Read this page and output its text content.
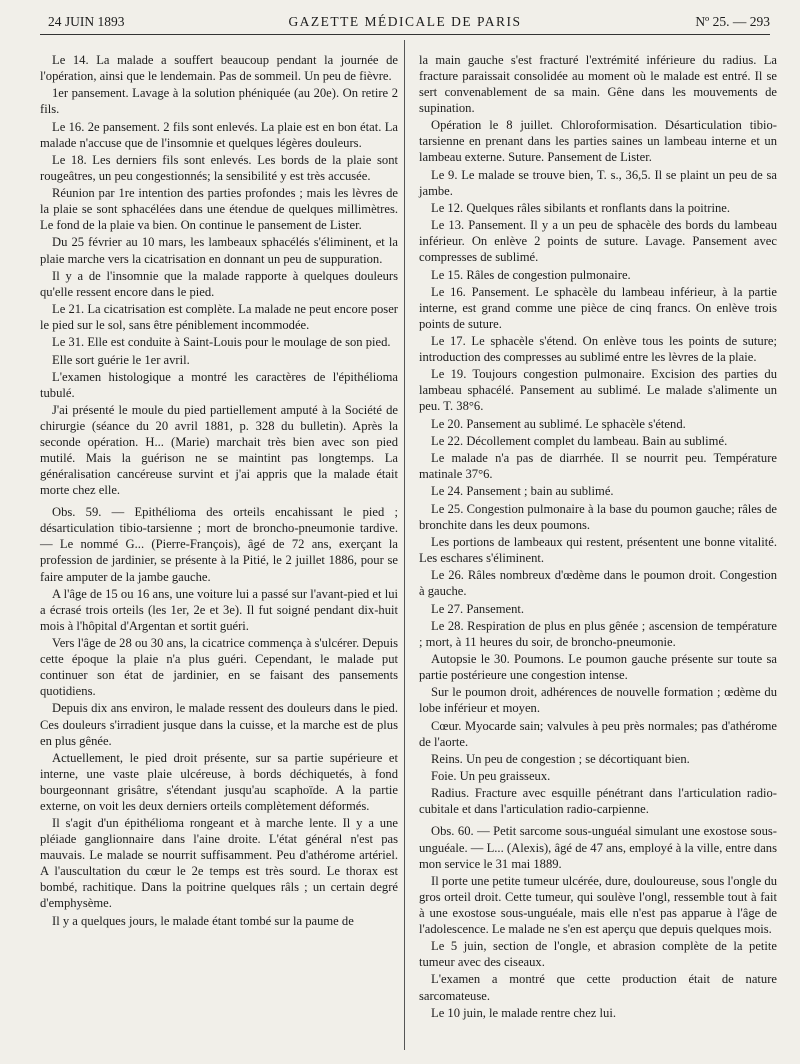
24 JUIN 1893	GAZETTE MÉDICALE DE PARIS	Nº 25. — 293

Le 14. La malade a souffert beaucoup pendant la journée de l'opération, ainsi que le lendemain. Pas de sommeil. Un peu de fièvre.

1er pansement. Lavage à la solution phéniquée (au 20e). On retire 2 fils.

Le 16. 2e pansement. 2 fils sont enlevés. La plaie est en bon état. La malade n'accuse que de l'insomnie et quelques légères douleurs.

Le 18. Les derniers fils sont enlevés. Les bords de la plaie sont rougeâtres, un peu congestionnés; la sensibilité y est très accusée.

Réunion par 1re intention des parties profondes ; mais les lèvres de la plaie se sont sphacélées dans une étendue de quelques millimètres. Le fond de la plaie va bien. On continue le pansement de Lister.

Du 25 février au 10 mars, les lambeaux sphacélés s'éliminent, et la plaie marche vers la cicatrisation en donnant un peu de suppuration.

Il y a de l'insomnie que la malade rapporte à quelques douleurs qu'elle ressent encore dans le pied.

Le 21. La cicatrisation est complète. La malade ne peut encore poser le pied sur le sol, sans être péniblement incommodée.

Le 31. Elle est conduite à Saint-Louis pour le moulage de son pied.

Elle sort guérie le 1er avril.

L'examen histologique a montré les caractères de l'épithélioma tubulé.

J'ai présenté le moule du pied partiellement amputé à la Société de chirurgie (séance du 20 avril 1881, p. 328 du bulletin). Après la seconde opération. H... (Marie) marchait très bien avec son pied mutilé. Mais la guérison ne se maintint pas longtemps. La généralisation cancéreuse survint et j'ai appris que la malade était morte chez elle.

Obs. 59. — Epithélioma des orteils encahissant le pied ; désarticulation tibio-tarsienne ; mort de broncho-pneumonie tardive. — Le nommé G... (Pierre-François), âgé de 72 ans, exerçant la profession de jardinier, se présente à la Pitié, le 2 juillet 1886, pour se faire amputer de la jambe gauche.

A l'âge de 15 ou 16 ans, une voiture lui a passé sur l'avant-pied et lui a écrasé trois orteils (les 1er, 2e et 3e). Il fut soigné pendant dix-huit mois à l'hôpital d'Argentan et sortit guéri.

Vers l'âge de 28 ou 30 ans, la cicatrice commença à s'ulcérer. Depuis cette époque la plaie n'a plus guéri. Cependant, le malade put continuer son état de jardinier, en se faisant des pansements quotidiens.

Depuis dix ans environ, le malade ressent des douleurs dans le pied. Ces douleurs s'irradient jusque dans la cuisse, et la marche est de plus en plus gênée.

Actuellement, le pied droit présente, sur sa partie supérieure et interne, une vaste plaie ulcéreuse, à bords déchiquetés, à fond bourgeonnant grisâtre, s'étendant jusqu'au scaphoïde. A la partie externe, on voit les deux derniers orteils complètement déformés.

Il s'agit d'un épithélioma rongeant et à marche lente. Il y a une pléiade ganglionnaire dans l'aine droite. L'état général n'est pas mauvais. Le malade se nourrit suffisamment. Peu d'athérome artériel. A l'auscultation du cœur le 2e temps est très sourd. Le thorax est bombé, rachitique. Dans la poitrine quelques râls ; un certain degré d'emphysème.

Il y a quelques jours, le malade étant tombé sur la paume de

la main gauche s'est fracturé l'extrémité inférieure du radius. La fracture paraissait consolidée au moment où le malade est entré. Il se sert convenablement de sa main. Gêne dans les mouvements de supination.

Opération le 8 juillet. Chloroformisation. Désarticulation tibio-tarsienne en prenant dans les parties saines un lambeau interne et un lambeau externe. Suture. Pansement de Lister.

Le 9. Le malade se trouve bien, T. s., 36,5. Il se plaint un peu de sa jambe.

Le 12. Quelques râles sibilants et ronflants dans la poitrine.

Le 13. Pansement. Il y a un peu de sphacèle des bords du lambeau inférieur. On enlève 2 points de suture. Lavage. Pansement avec compresses de sublimé.

Le 15. Râles de congestion pulmonaire.

Le 16. Pansement. Le sphacèle du lambeau inférieur, à la partie interne, est grand comme une pièce de cinq francs. On enlève trois points de suture.

Le 17. Le sphacèle s'étend. On enlève tous les points de suture; introduction des compresses au sublimé entre les lèvres de la plaie.

Le 19. Toujours congestion pulmonaire. Excision des parties du lambeau sphacélé. Pansement au sublimé. Le malade s'alimente un peu. T. 38°6.

Le 20. Pansement au sublimé. Le sphacèle s'étend.

Le 22. Décollement complet du lambeau. Bain au sublimé.

Le malade n'a pas de diarrhée. Il se nourrit peu. Température matinale 37°6.

Le 24. Pansement ; bain au sublimé.

Le 25. Congestion pulmonaire à la base du poumon gauche; râles de bronchite dans les deux poumons.

Les portions de lambeaux qui restent, présentent une bonne vitalité. Les eschares s'éliminent.

Le 26. Râles nombreux d'œdème dans le poumon droit. Congestion à gauche.

Le 27. Pansement.

Le 28. Respiration de plus en plus gênée ; ascension de température ; mort, à 11 heures du soir, de broncho-pneumonie.

Autopsie le 30. Poumons. Le poumon gauche présente sur toute sa partie postérieure une congestion intense.

Sur le poumon droit, adhérences de nouvelle formation ; œdème du lobe inférieur et moyen.

Cœur. Myocarde sain; valvules à peu près normales; pas d'athérome de l'aorte.

Reins. Un peu de congestion ; se décortiquant bien.

Foie. Un peu graisseux.

Radius. Fracture avec esquille pénétrant dans l'articulation radio-cubitale et dans l'articulation radio-carpienne.

Obs. 60. — Petit sarcome sous-unguéal simulant une exostose sous-unguéale. — L... (Alexis), âgé de 47 ans, employé à la ville, entre dans mon service le 31 mai 1889.

Il porte une petite tumeur ulcérée, dure, douloureuse, sous l'ongle du gros orteil droit. Cette tumeur, qui soulève l'ongl, ressemble tout à fait à une exostose sous-unguéale, mais elle n'est pas apparue à l'âge de l'adolescence. Le malade ne s'en est aperçu que depuis quelques mois.

Le 5 juin, section de l'ongle, et abrasion complète de la petite tumeur avec des ciseaux.

L'examen a montré que cette production était de nature sarcomateuse.

Le 10 juin, le malade rentre chez lui.
